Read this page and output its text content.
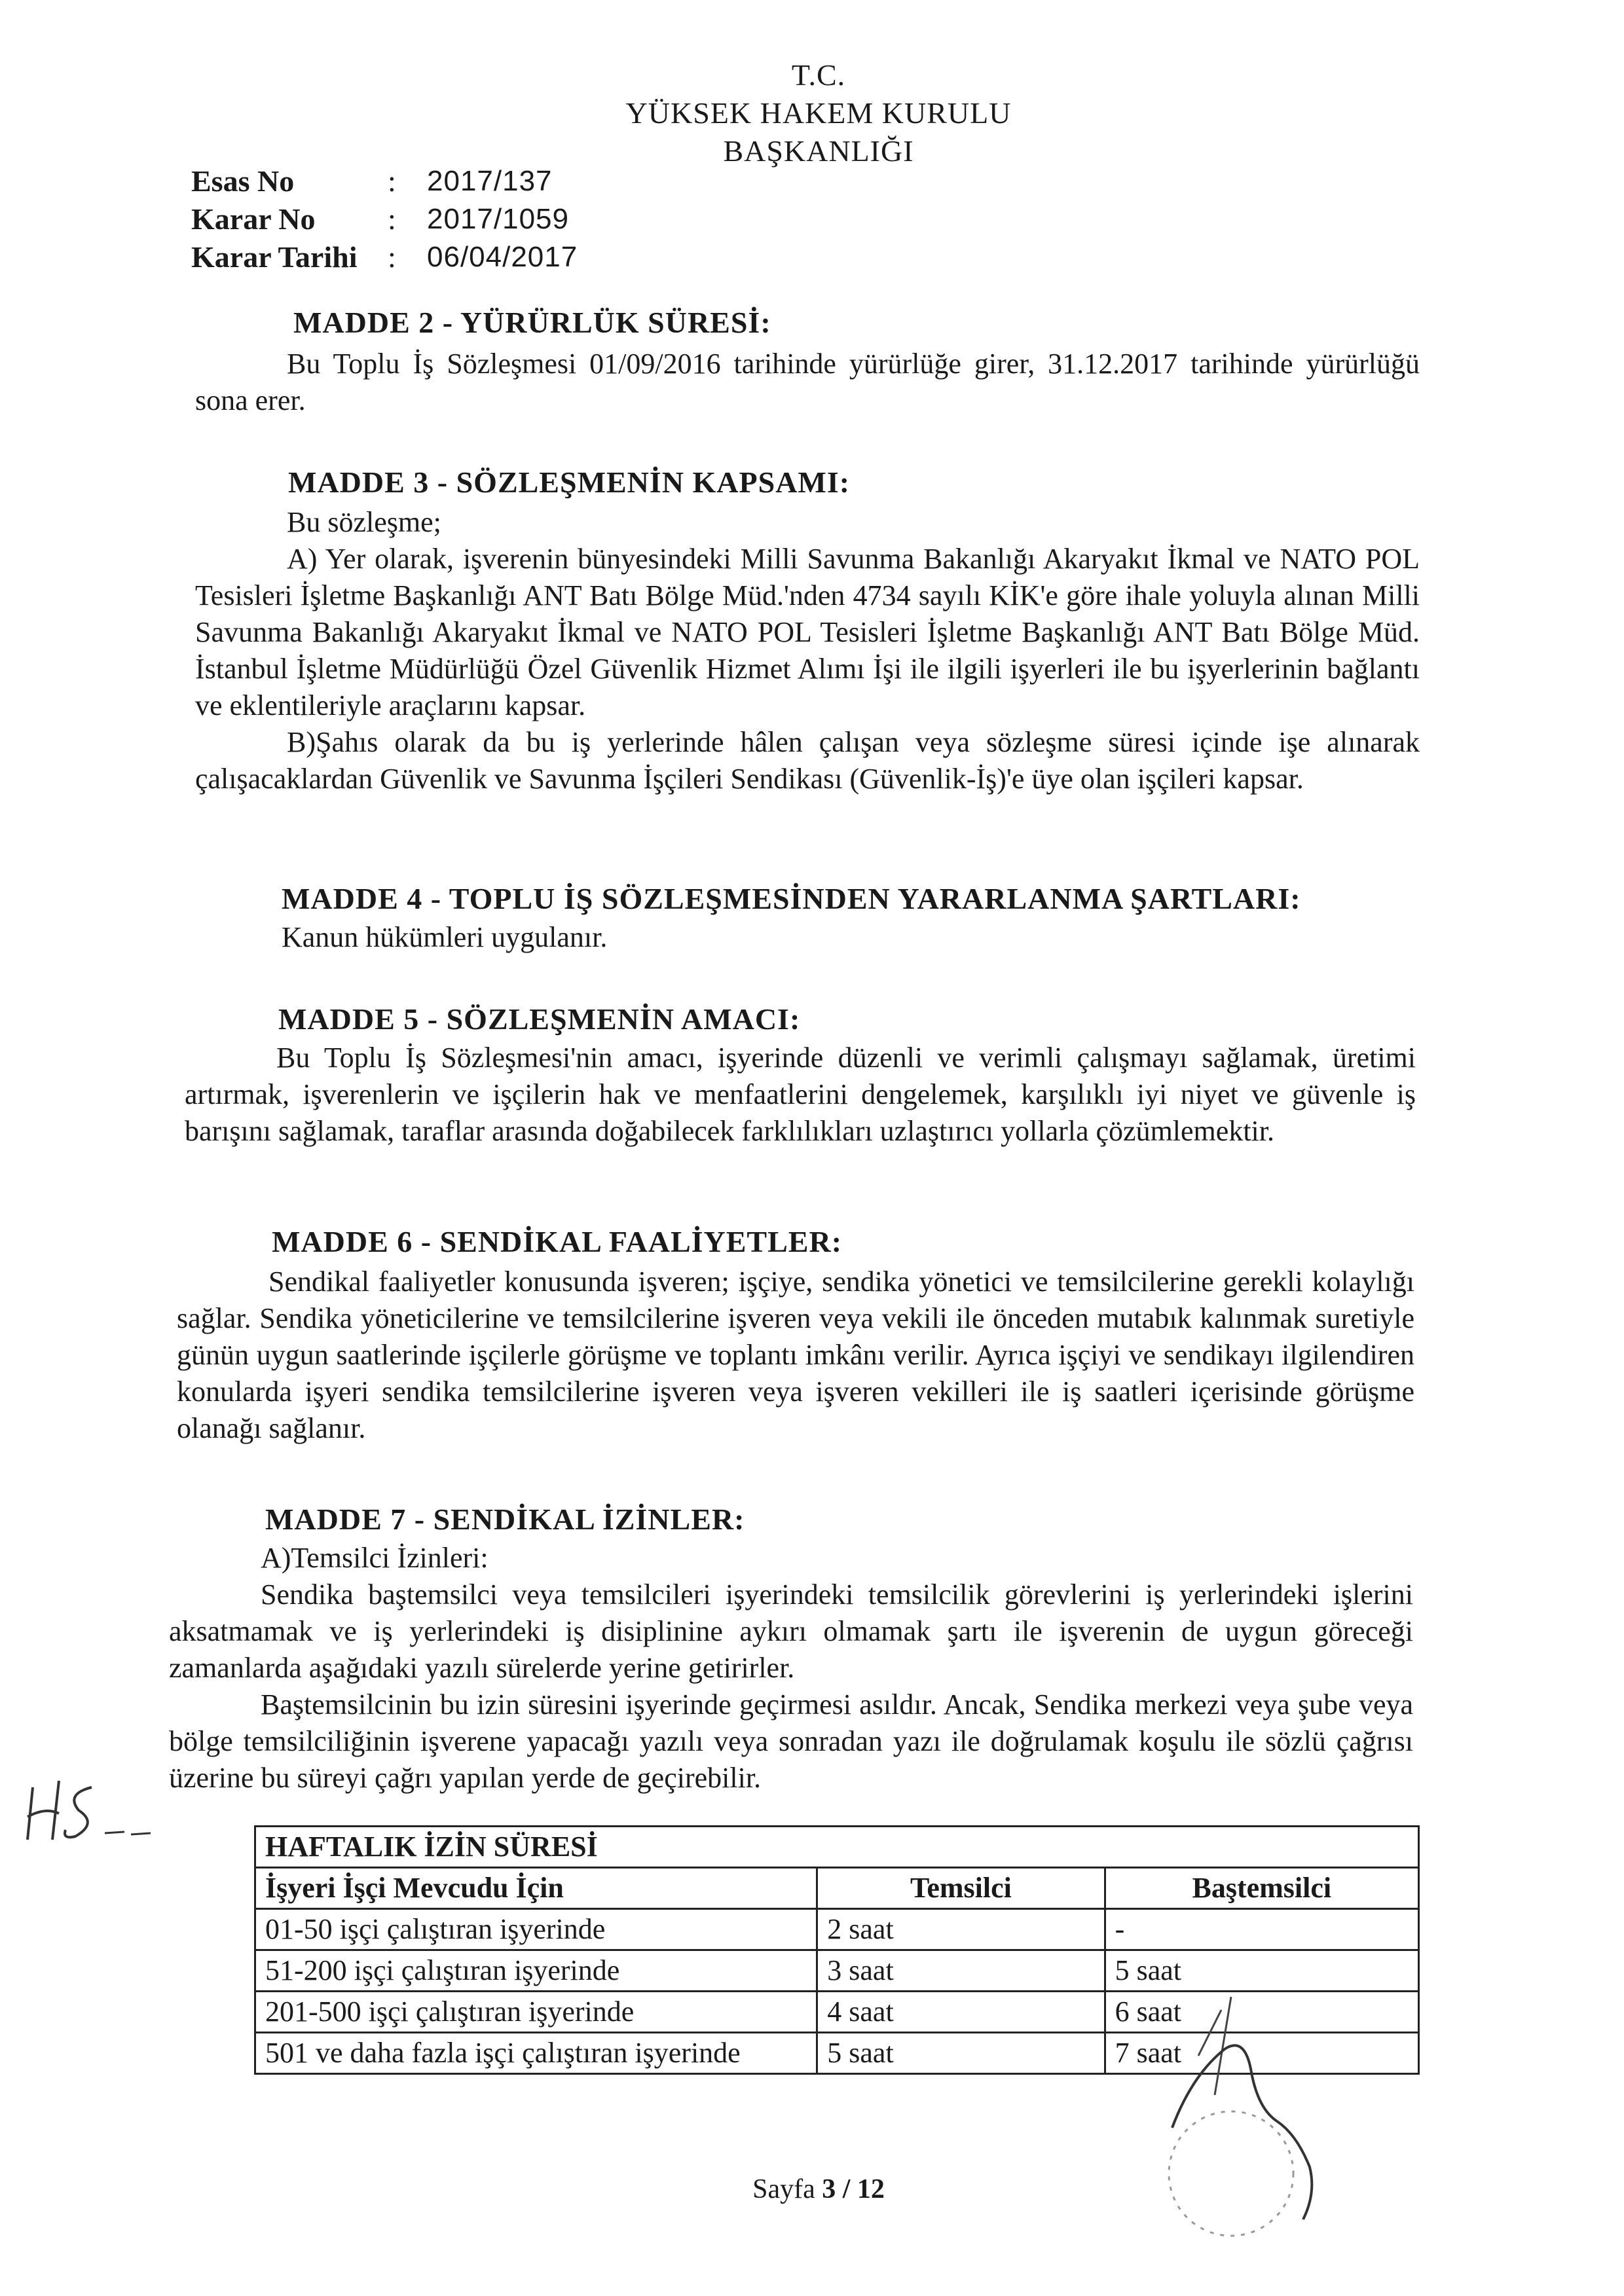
T.C.
YÜKSEK HAKEM KURULU
BAŞKANLIĞI
Esas No	:	2017/137
Karar No	:	2017/1059
Karar Tarihi	:	06/04/2017
MADDE 2 - YÜRÜRLÜK SÜRESİ:

Bu Toplu İş Sözleşmesi 01/09/2016 tarihinde yürürlüğe girer, 31.12.2017 tarihinde yürürlüğü sona erer.

MADDE 3 - SÖZLEŞMENİN KAPSAMI:

Bu sözleşme;

A) Yer olarak, işverenin bünyesindeki Milli Savunma Bakanlığı Akaryakıt İkmal ve NATO POL Tesisleri İşletme Başkanlığı ANT Batı Bölge Müd.'nden 4734 sayılı KİK'e göre ihale yoluyla alınan Milli Savunma Bakanlığı Akaryakıt İkmal ve NATO POL Tesisleri İşletme Başkanlığı ANT Batı Bölge Müd. İstanbul İşletme Müdürlüğü Özel Güvenlik Hizmet Alımı İşi ile ilgili işyerleri ile bu işyerlerinin bağlantı ve eklentileriyle araçlarını kapsar.

B)Şahıs olarak da bu iş yerlerinde hâlen çalışan veya sözleşme süresi içinde işe alınarak çalışacaklardan Güvenlik ve Savunma İşçileri Sendikası (Güvenlik-İş)'e üye olan işçileri kapsar.

MADDE 4 - TOPLU İŞ SÖZLEŞMESİNDEN YARARLANMA ŞARTLARI:
Kanun hükümleri uygulanır.
MADDE 5 - SÖZLEŞMENİN AMACI:

Bu Toplu İş Sözleşmesi'nin amacı, işyerinde düzenli ve verimli çalışmayı sağlamak, üretimi artırmak, işverenlerin ve işçilerin hak ve menfaatlerini dengelemek, karşılıklı iyi niyet ve güvenle iş barışını sağlamak, taraflar arasında doğabilecek farklılıkları uzlaştırıcı yollarla çözümlemektir.

MADDE 6 - SENDİKAL FAALİYETLER:

Sendikal faaliyetler konusunda işveren; işçiye, sendika yönetici ve temsilcilerine gerekli kolaylığı sağlar. Sendika yöneticilerine ve temsilcilerine işveren veya vekili ile önceden mutabık kalınmak suretiyle günün uygun saatlerinde işçilerle görüşme ve toplantı imkânı verilir. Ayrıca işçiyi ve sendikayı ilgilendiren konularda işyeri sendika temsilcilerine işveren veya işveren vekilleri ile iş saatleri içerisinde görüşme olanağı sağlanır.

MADDE 7 - SENDİKAL İZİNLER:

A)Temsilci İzinleri:

Sendika baştemsilci veya temsilcileri işyerindeki temsilcilik görevlerini iş yerlerindeki işlerini aksatmamak ve iş yerlerindeki iş disiplinine aykırı olmamak şartı ile işverenin de uygun göreceği zamanlarda aşağıdaki yazılı sürelerde yerine getirirler.

Baştemsilcinin bu izin süresini işyerinde geçirmesi asıldır. Ancak, Sendika merkezi veya şube veya bölge temsilciliğinin işverene yapacağı yazılı veya sonradan yazı ile doğrulamak koşulu ile sözlü çağrısı üzerine bu süreyi çağrı yapılan yerde de geçirebilir.

HAFTALIK İZİN SÜRESİ		
İşyeri İşçi Mevcudu İçin	Temsilci	Baştemsilci
01-50 işçi çalıştıran işyerinde	2 saat	-
51-200 işçi çalıştıran işyerinde	3 saat	5 saat
201-500 işçi çalıştıran işyerinde	4 saat	6 saat
501 ve daha fazla işçi çalıştıran işyerinde	5 saat	7 saat
Sayfa 3 / 12
